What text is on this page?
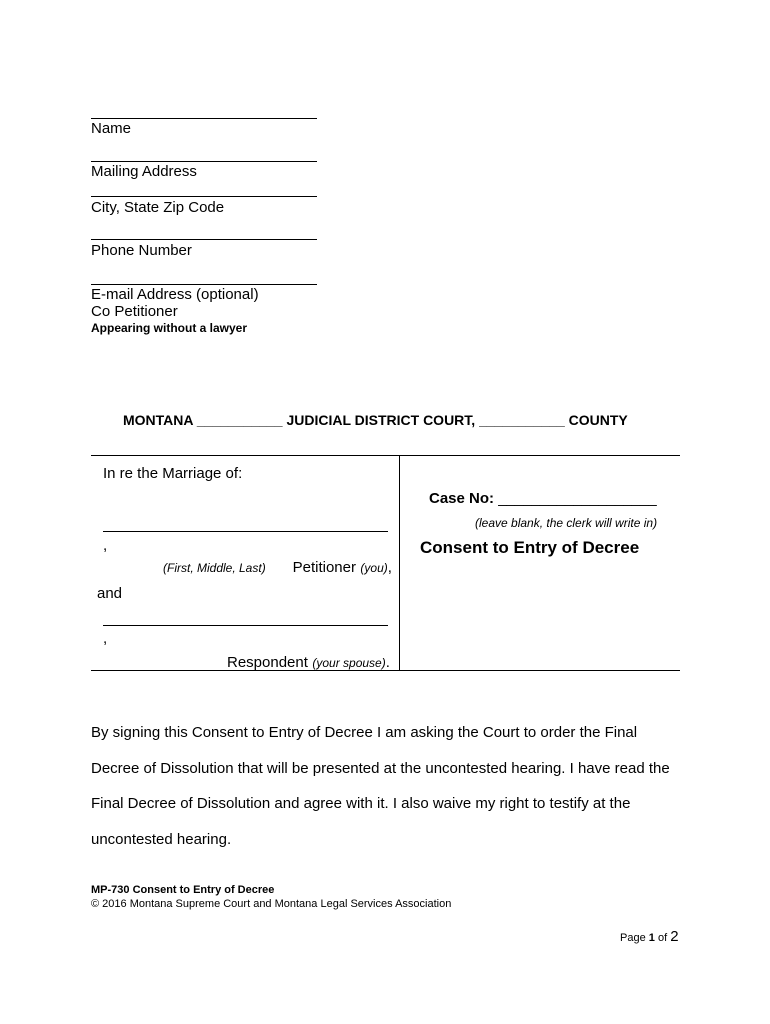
Name
Mailing Address
City, State Zip Code
Phone Number
E-mail Address (optional)
Co Petitioner
Appearing without a lawyer
MONTANA ___________ JUDICIAL DISTRICT COURT, ___________ COUNTY
In re the Marriage of:
,
(First, Middle, Last) Petitioner (you),
and
,
Respondent (your spouse).
Case No: ___________________
(leave blank, the clerk will write in)
Consent to Entry of Decree
By signing this Consent to Entry of Decree I am asking the Court to order the Final
Decree of Dissolution that will be presented at the uncontested hearing. I have read the
Final Decree of Dissolution and agree with it. I also waive my right to testify at the
uncontested hearing.
MP-730 Consent to Entry of Decree
© 2016 Montana Supreme Court and Montana Legal Services Association
Page 1 of 2
